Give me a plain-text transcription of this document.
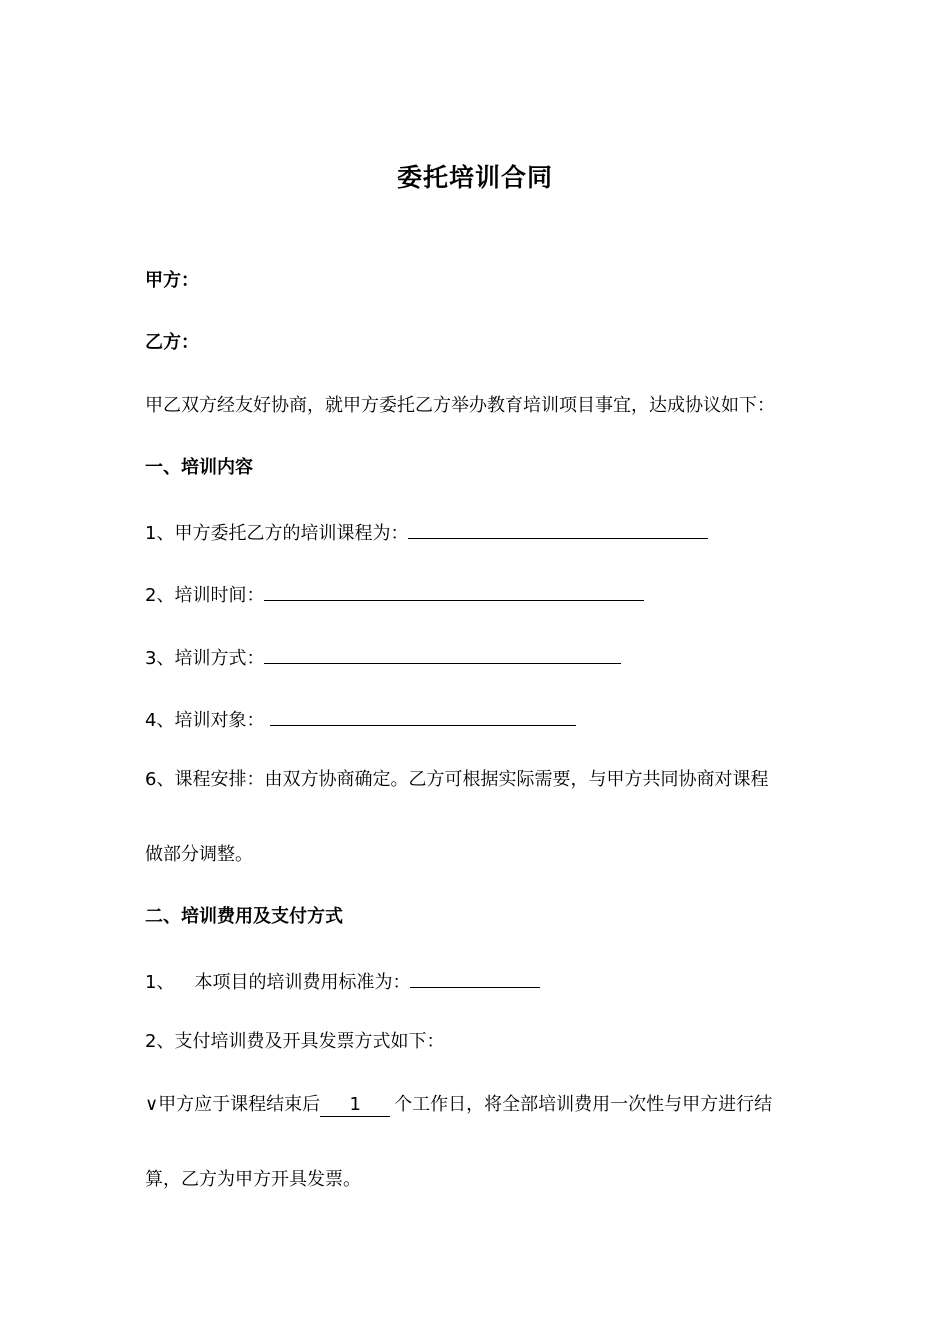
委托培训合同
甲方：
乙方：
甲乙双方经友好协商，就甲方委托乙方举办教育培训项目事宜，达成协议如下：
一、培训内容
1、甲方委托乙方的培训课程为：
2、培训时间：
3、培训方式：
4、培训对象：
6、课程安排：由双方协商确定。乙方可根据实际需要，与甲方共同协商对课程
做部分调整。
二、培训费用及支付方式
1、 本项目的培训费用标准为：
2、支付培训费及开具发票方式如下：
∨甲方应于课程结束后 1 个工作日，将全部培训费用一次性与甲方进行结
算，乙方为甲方开具发票。
